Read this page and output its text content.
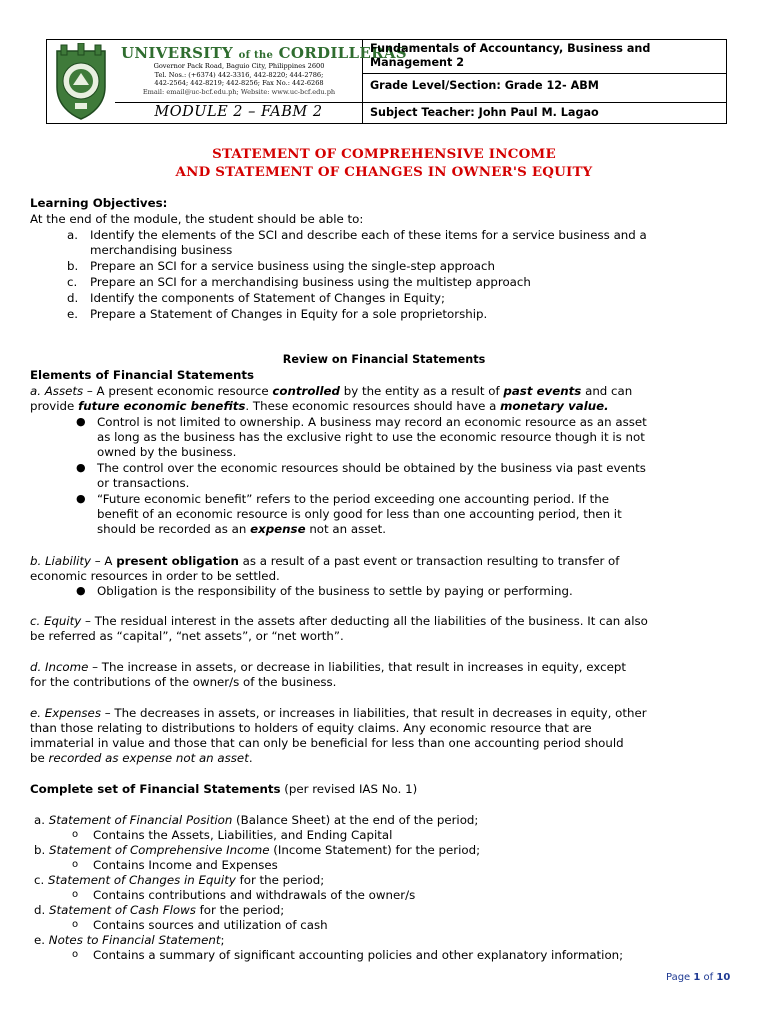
UNIVERSITY of the CORDILLERAS
Governor Pack Road, Baguio City, Philippines 2600
Tel. Nos.: (+6374) 442-3316, 442-8220; 444-2786;
442-2564; 442-8219; 442-8256; Fax No.: 442-6268
Email: email@uc-bcf.edu.ph; Website: www.uc-bcf.edu.ph
MODULE 2 – FABM 2
Fundamentals of Accountancy, Business and Management 2
Grade Level/Section: Grade 12- ABM
Subject Teacher: John Paul M. Lagao
STATEMENT OF COMPREHENSIVE INCOME
AND STATEMENT OF CHANGES IN OWNER'S EQUITY
Learning Objectives:
At the end of the module, the student should be able to:
a. Identify the elements of the SCI and describe each of these items for a service business and a
merchandising business
b. Prepare an SCI for a service business using the single-step approach
c. Prepare an SCI for a merchandising business using the multistep approach
d. Identify the components of Statement of Changes in Equity;
e. Prepare a Statement of Changes in Equity for a sole proprietorship.
Review on Financial Statements
Elements of Financial Statements
a. Assets – A present economic resource controlled by the entity as a result of past events and can
provide future economic benefits. These economic resources should have a monetary value.
● Control is not limited to ownership. A business may record an economic resource as an asset
as long as the business has the exclusive right to use the economic resource though it is not
owned by the business.
● The control over the economic resources should be obtained by the business via past events
or transactions.
● “Future economic benefit” refers to the period exceeding one accounting period. If the
benefit of an economic resource is only good for less than one accounting period, then it
should be recorded as an expense not an asset.
b. Liability – A present obligation as a result of a past event or transaction resulting to transfer of
economic resources in order to be settled.
● Obligation is the responsibility of the business to settle by paying or performing.
c. Equity – The residual interest in the assets after deducting all the liabilities of the business. It can also
be referred as “capital”, “net assets”, or “net worth”.
d. Income – The increase in assets, or decrease in liabilities, that result in increases in equity, except
for the contributions of the owner/s of the business.
e. Expenses – The decreases in assets, or increases in liabilities, that result in decreases in equity, other
than those relating to distributions to holders of equity claims. Any economic resource that are
immaterial in value and those that can only be beneficial for less than one accounting period should
be recorded as expense not an asset.
Complete set of Financial Statements (per revised IAS No. 1)
a. Statement of Financial Position (Balance Sheet) at the end of the period;
o Contains the Assets, Liabilities, and Ending Capital
b. Statement of Comprehensive Income (Income Statement) for the period;
o Contains Income and Expenses
c. Statement of Changes in Equity for the period;
o Contains contributions and withdrawals of the owner/s
d. Statement of Cash Flows for the period;
o Contains sources and utilization of cash
e. Notes to Financial Statement;
o Contains a summary of significant accounting policies and other explanatory information;
Page 1 of 10
